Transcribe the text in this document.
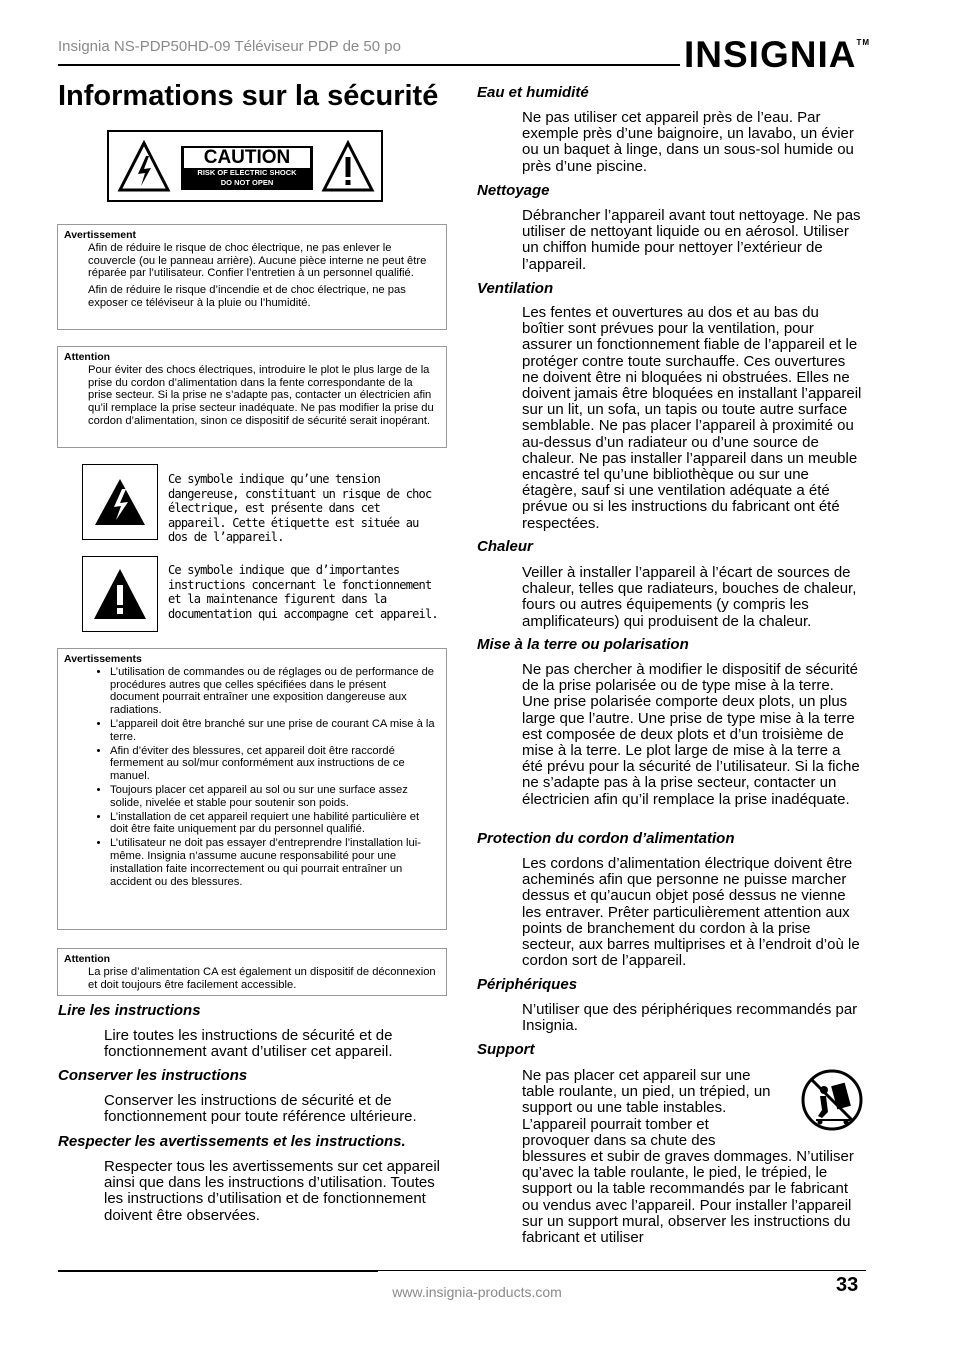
Insignia NS-PDP50HD-09 Téléviseur PDP de 50 po	INSIGNIA™
Informations sur la sécurité
CAUTION
RISK OF ELECTRIC SHOCK
DO NOT OPEN
Avertissement

Afin de réduire le risque de choc électrique, ne pas enlever le couvercle (ou le panneau arrière). Aucune pièce interne ne peut être réparée par l’utilisateur. Confier l’entretien à un personnel qualifié.

Afin de réduire le risque d’incendie et de choc électrique, ne pas exposer ce téléviseur à la pluie ou l’humidité.

Attention

Pour éviter des chocs électriques, introduire le plot le plus large de la prise du cordon d’alimentation dans la fente correspondante de la prise secteur. Si la prise ne s’adapte pas, contacter un électricien afin qu’il remplace la prise secteur inadéquate. Ne pas modifier la prise du cordon d’alimentation, sinon ce dispositif de sécurité serait inopérant.

Ce symbole indique qu’une tension dangereuse, constituant un risque de choc électrique, est présente dans cet appareil. Cette étiquette est située au dos de l’appareil.
Ce symbole indique que d’importantes instructions concernant le fonctionnement et la maintenance figurent dans la documentation qui accompagne cet appareil.
Avertissements
• L’utilisation de commandes ou de réglages ou de performance de procédures autres que celles spécifiées dans le présent document pourrait entraîner une exposition dangereuse aux radiations.
• L’appareil doit être branché sur une prise de courant CA mise à la terre.
• Afin d’éviter des blessures, cet appareil doit être raccordé fermement au sol/mur conformément aux instructions de ce manuel.
• Toujours placer cet appareil au sol ou sur une surface assez solide, nivelée et stable pour soutenir son poids.
• L’installation de cet appareil requiert une habilité particulière et doit être faite uniquement par du personnel qualifié.
• L’utilisateur ne doit pas essayer d’entreprendre l’installation lui-même. Insignia n’assume aucune responsabilité pour une installation faite incorrectement ou qui pourrait entraîner un accident ou des blessures.
Attention

La prise d’alimentation CA est également un dispositif de déconnexion et doit toujours être facilement accessible.

Lire les instructions
Lire toutes les instructions de sécurité et de fonctionnement avant d’utiliser cet appareil.
Conserver les instructions
Conserver les instructions de sécurité et de fonctionnement pour toute référence ultérieure.
Respecter les avertissements et les instructions.
Respecter tous les avertissements sur cet appareil ainsi que dans les instructions d’utilisation. Toutes les instructions d’utilisation et de fonctionnement doivent être observées.
Eau et humidité
Ne pas utiliser cet appareil près de l’eau. Par exemple près d’une baignoire, un lavabo, un évier ou un baquet à linge, dans un sous-sol humide ou près d’une piscine.
Nettoyage
Débrancher l’appareil avant tout nettoyage. Ne pas utiliser de nettoyant liquide ou en aérosol. Utiliser un chiffon humide pour nettoyer l’extérieur de l’appareil.
Ventilation
Les fentes et ouvertures au dos et au bas du boîtier sont prévues pour la ventilation, pour assurer un fonctionnement fiable de l’appareil et le protéger contre toute surchauffe. Ces ouvertures ne doivent être ni bloquées ni obstruées. Elles ne doivent jamais être bloquées en installant l’appareil sur un lit, un sofa, un tapis ou toute autre surface semblable. Ne pas placer l’appareil à proximité ou au-dessus d’un radiateur ou d’une source de chaleur. Ne pas installer l’appareil dans un meuble encastré tel qu’une bibliothèque ou sur une étagère, sauf si une ventilation adéquate a été prévue ou si les instructions du fabricant ont été respectées.
Chaleur
Veiller à installer l’appareil à l’écart de sources de chaleur, telles que radiateurs, bouches de chaleur, fours ou autres équipements (y compris les amplificateurs) qui produisent de la chaleur.
Mise à la terre ou polarisation
Ne pas chercher à modifier le dispositif de sécurité de la prise polarisée ou de type mise à la terre. Une prise polarisée comporte deux plots, un plus large que l’autre. Une prise de type mise à la terre est composée de deux plots et d’un troisième de mise à la terre. Le plot large de mise à la terre a été prévu pour la sécurité de l’utilisateur. Si la fiche ne s’adapte pas à la prise secteur, contacter un électricien afin qu’il remplace la prise inadéquate.
Protection du cordon d’alimentation
Les cordons d’alimentation électrique doivent être acheminés afin que personne ne puisse marcher dessus et qu’aucun objet posé dessus ne vienne les entraver. Prêter particulièrement attention aux points de branchement du cordon à la prise secteur, aux barres multiprises et à l’endroit d’où le cordon sort de l’appareil.
Périphériques
N’utiliser que des périphériques recommandés par Insignia.
Support
Ne pas placer cet appareil sur une
table roulante, un pied, un trépied, un
support ou une table instables.
L’appareil pourrait tomber et
provoquer dans sa chute des
blessures et subir de graves dommages. N’utiliser qu’avec la table roulante, le pied, le trépied, le support ou la table recommandés par le fabricant ou vendus avec l’appareil. Pour installer l’appareil sur un support mural, observer les instructions du fabricant et utiliser
www.insignia-products.com	33
